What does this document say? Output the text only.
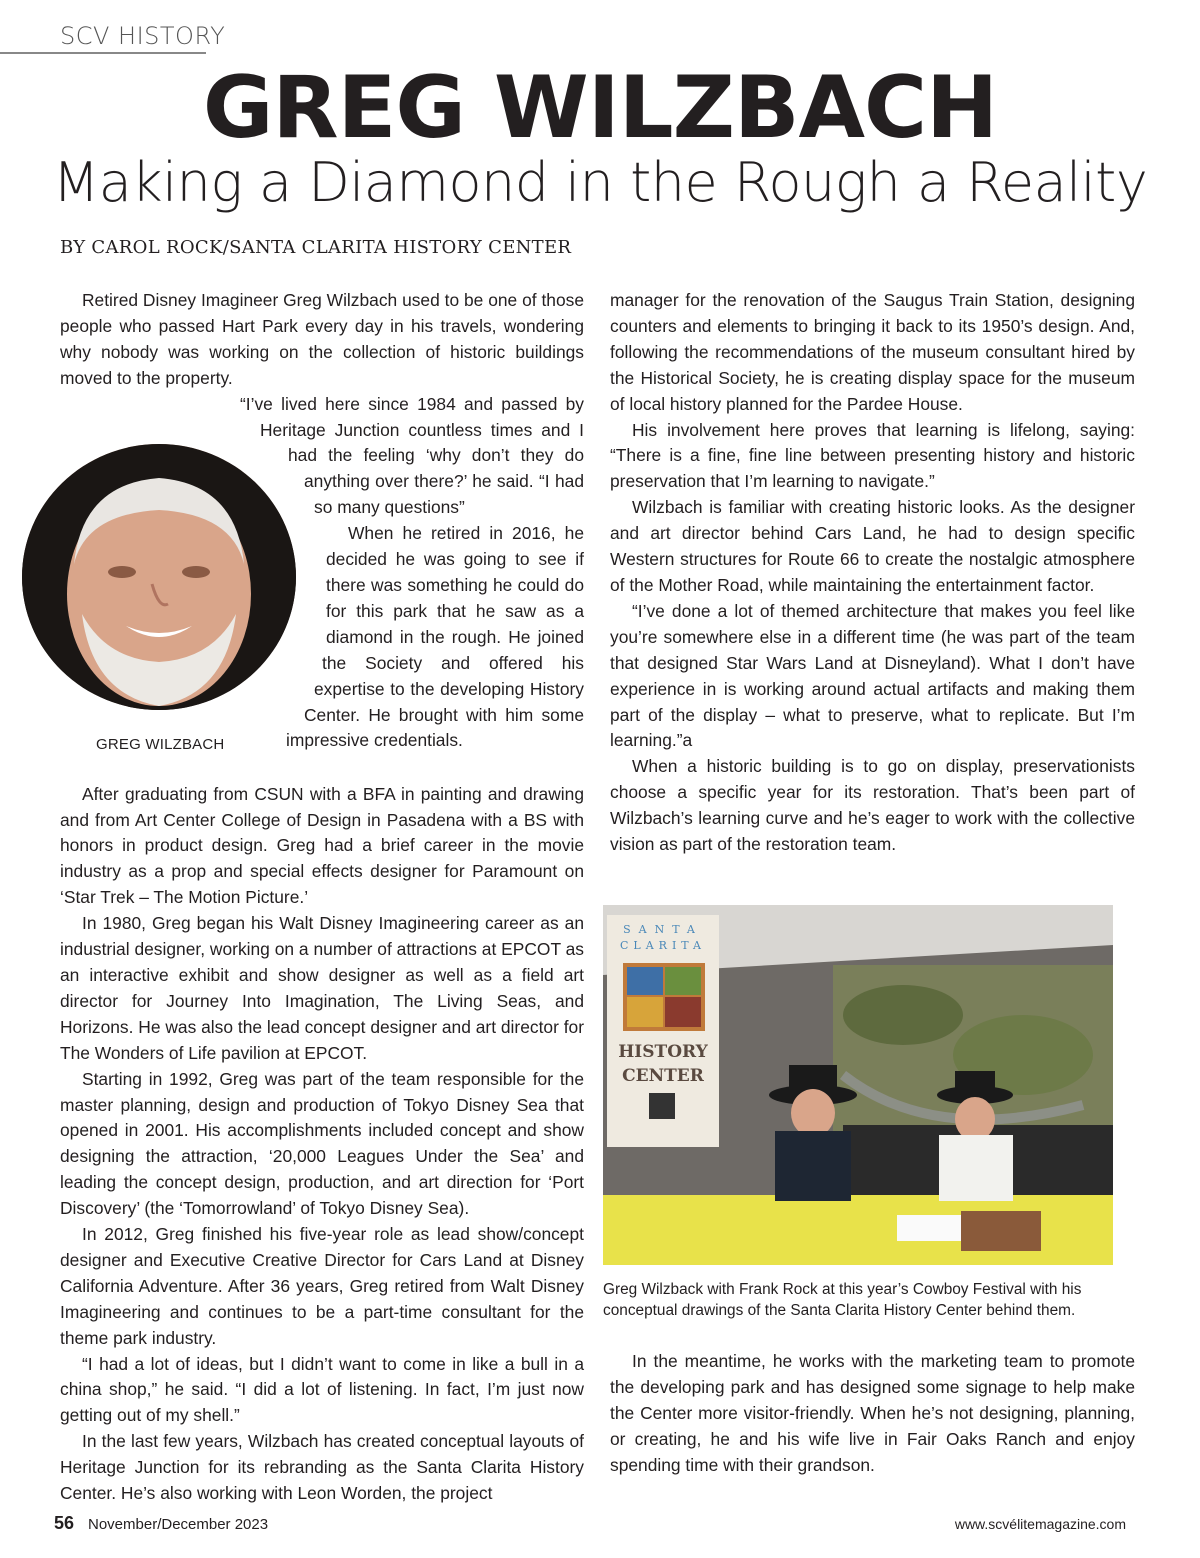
SCV HISTORY
GREG WILZBACH
Making a Diamond in the Rough a Reality
BY CAROL ROCK/SANTA CLARITA HISTORY CENTER

Retired Disney Imagineer Greg Wilzbach used to be one of those people who passed Hart Park every day in his travels, wondering why nobody was working on the collection of historic buildings moved to the property.

“I’ve lived here since 1984 and passed by Heritage Junction countless times and I had the feeling ‘why don’t they do anything over there?’ he said. “I had so many questions”

When he retired in 2016, he decided he was going to see if there was something he could do for this park that he saw as a diamond in the rough. He joined the Society and offered his expertise to the developing History Center. He brought with him some impressive credentials.

After graduating from CSUN with a BFA in painting and drawing and from Art Center College of Design in Pasadena with a BS with honors in product design. Greg had a brief career in the movie industry as a prop and special effects designer for Paramount on ‘Star Trek – The Motion Picture.’

In 1980, Greg began his Walt Disney Imagineering career as an industrial designer, working on a number of attractions at EPCOT as an interactive exhibit and show designer as well as a field art director for Journey Into Imagination, The Living Seas, and Horizons. He was also the lead concept designer and art director for The Wonders of Life pavilion at EPCOT.

Starting in 1992, Greg was part of the team responsible for the master planning, design and production of Tokyo Disney Sea that opened in 2001. His accomplishments included concept and show designing the attraction, ‘20,000 Leagues Under the Sea’ and leading the concept design, production, and art direction for ‘Port Discovery’ (the ‘Tomorrowland’ of Tokyo Disney Sea).

In 2012, Greg finished his five-year role as lead show/concept designer and Executive Creative Director for Cars Land at Disney California Adventure. After 36 years, Greg retired from Walt Disney Imagineering and continues to be a part-time consultant for the theme park industry.

“I had a lot of ideas, but I didn’t want to come in like a bull in a china shop,” he said. “I did a lot of listening. In fact, I’m just now getting out of my shell.”

In the last few years, Wilzbach has created conceptual layouts of Heritage Junction for its rebranding as the Santa Clarita History Center. He’s also working with Leon Worden, the project

GREG WILZBACH

manager for the renovation of the Saugus Train Station, designing counters and elements to bringing it back to its 1950’s design. And, following the recommendations of the museum consultant hired by the Historical Society, he is creating display space for the museum of local history planned for the Pardee House.

His involvement here proves that learning is lifelong, saying: “There is a fine, fine line between presenting history and historic preservation that I’m learning to navigate.”

Wilzbach is familiar with creating historic looks. As the designer and art director behind Cars Land, he had to design specific Western structures for Route 66 to create the nostalgic atmosphere of the Mother Road, while maintaining the entertainment factor.

“I’ve done a lot of themed architecture that makes you feel like you’re somewhere else in a different time (he was part of the team that designed Star Wars Land at Disneyland). What I don’t have experience in is working around actual artifacts and making them part of the display – what to preserve, what to replicate. But I’m learning.”a

When a historic building is to go on display, preservationists choose a specific year for its restoration. That’s been part of Wilzbach’s learning curve and he’s eager to work with the collective vision as part of the restoration team.

SANTA
CLARITA
HISTORY
CENTER
Greg Wilzback with Frank Rock at this year’s Cowboy Festival with his conceptual drawings of the Santa Clarita History Center behind them.

In the meantime, he works with the marketing team to promote the developing park and has designed some signage to help make the Center more visitor-friendly. When he’s not designing, planning, or creating, he and his wife live in Fair Oaks Ranch and enjoy spending time with their grandson.

56 November/December 2023	www.scvélitemagazine.com
